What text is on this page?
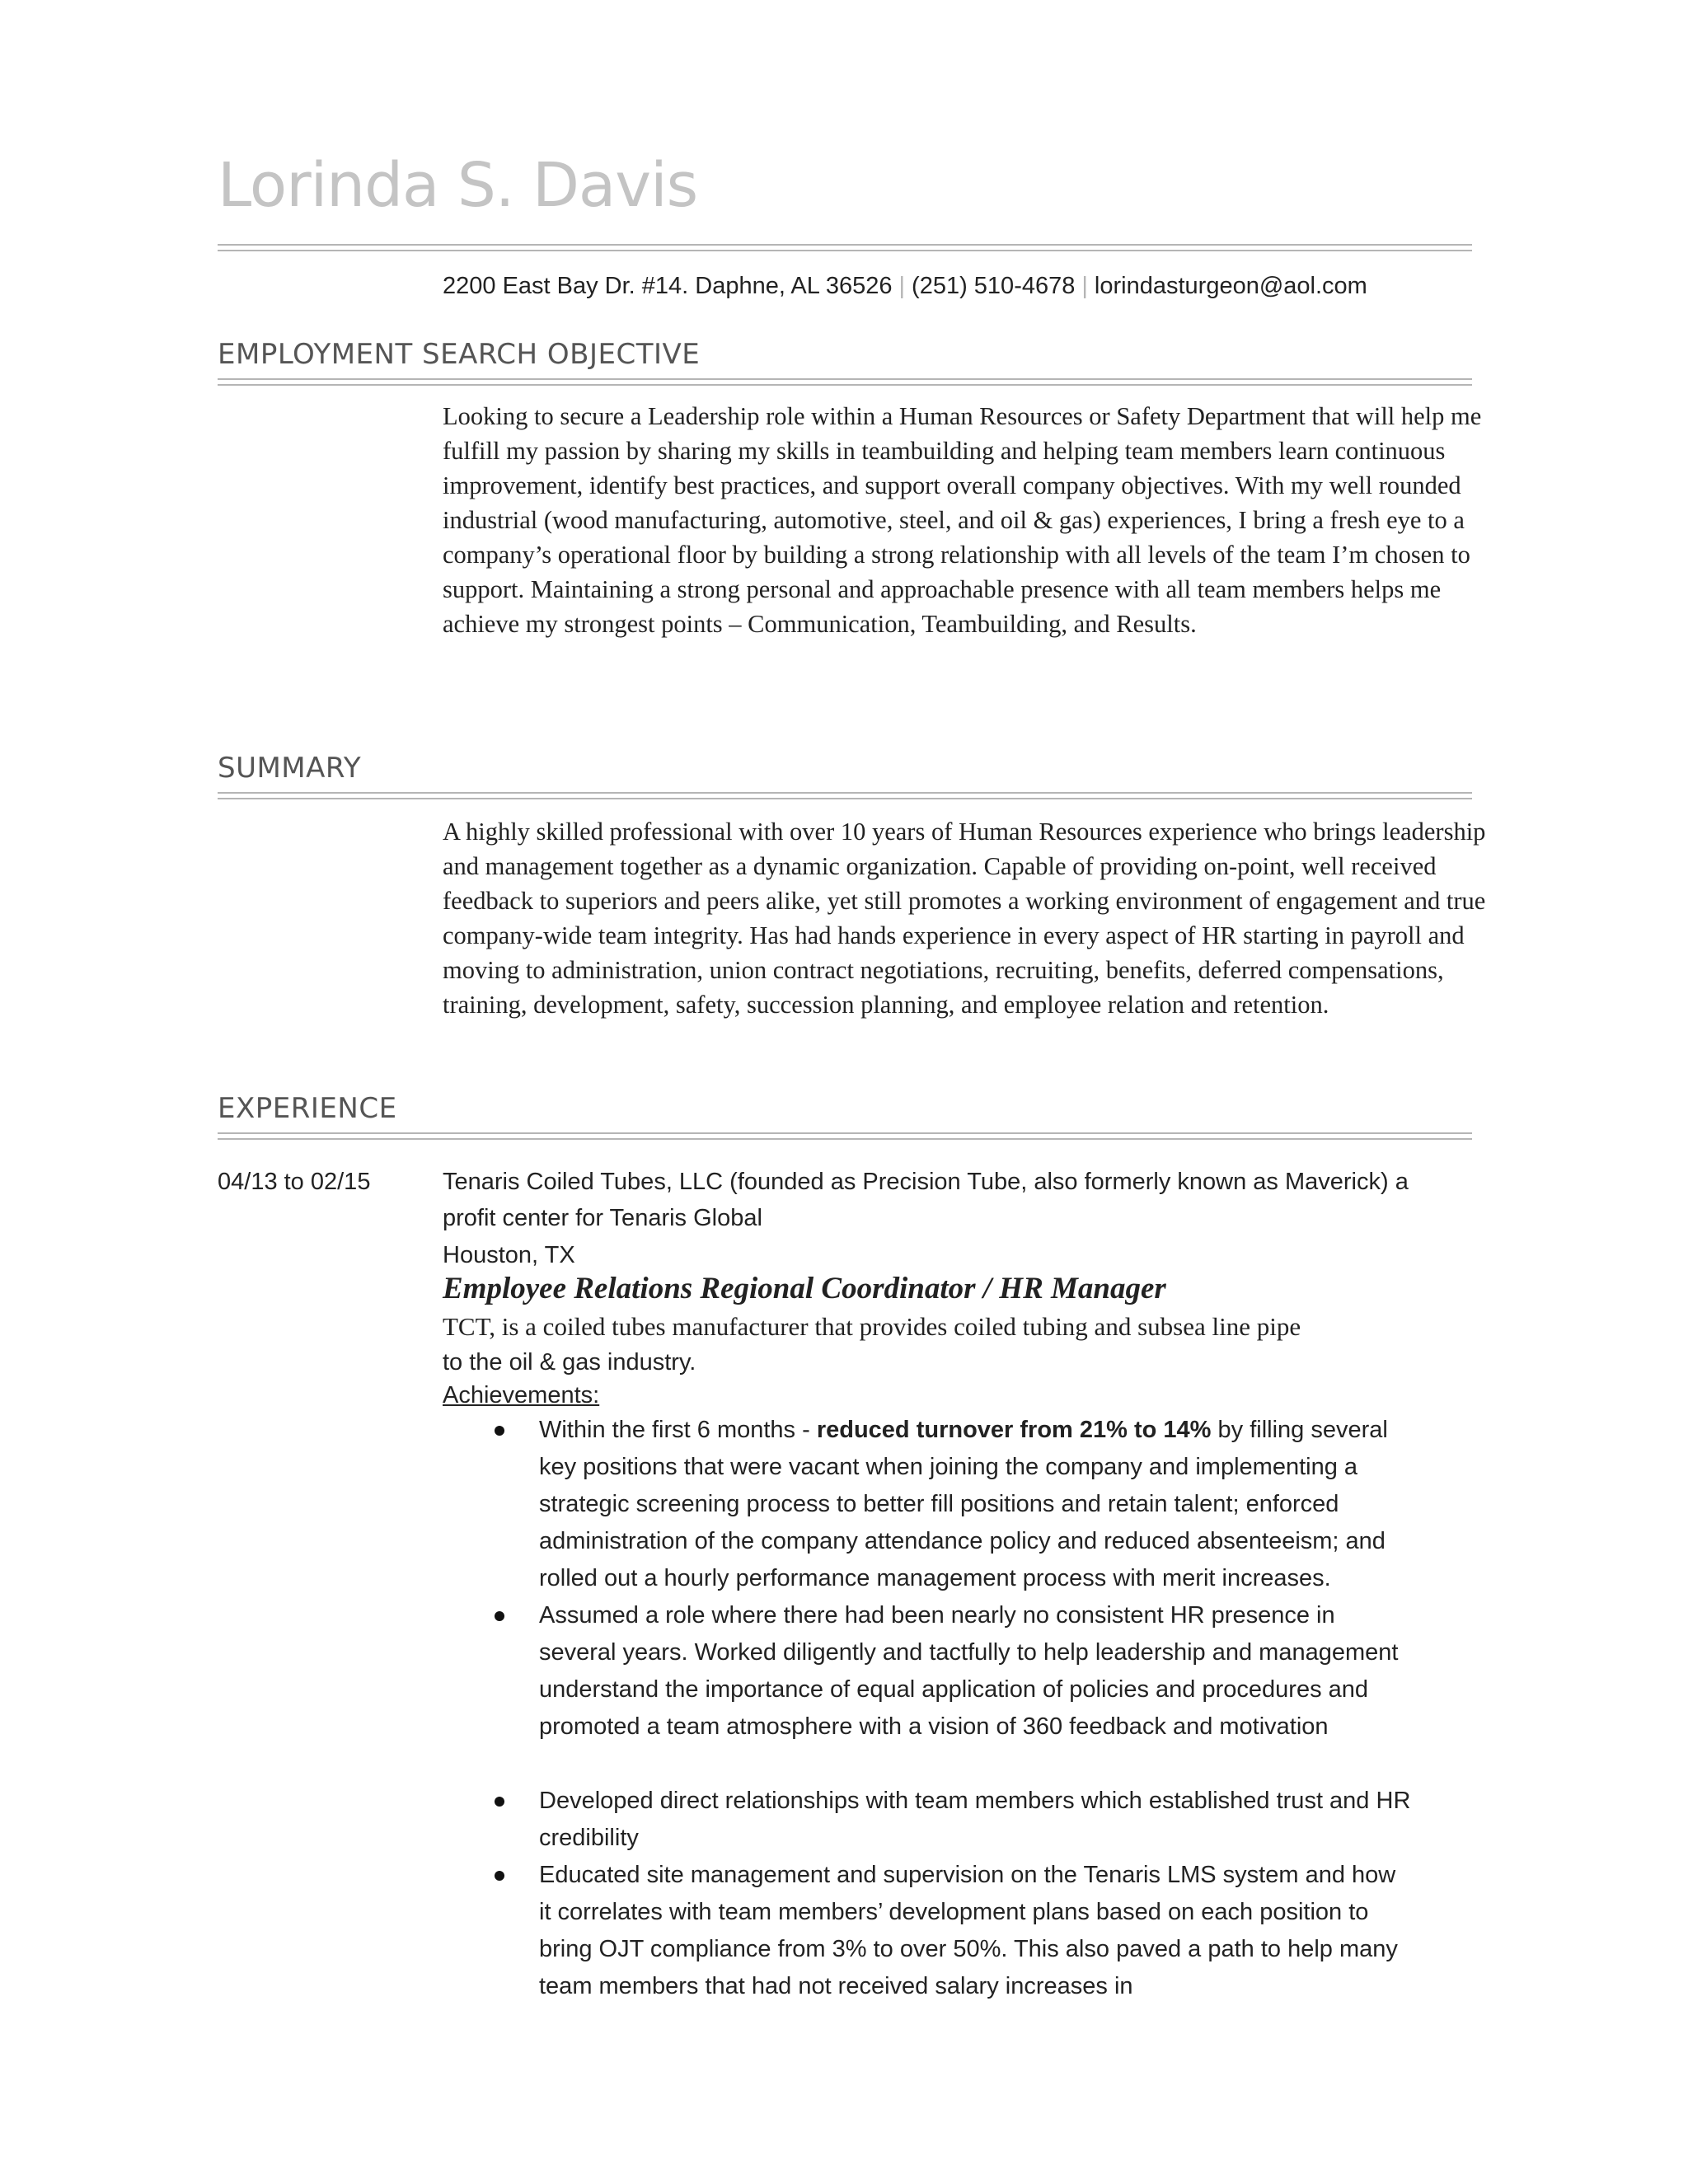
Lorinda S. Davis
2200 East Bay Dr. #14. Daphne, AL 36526 | (251) 510-4678 | lorindasturgeon@aol.com
EMPLOYMENT SEARCH OBJECTIVE
Looking to secure a Leadership role within a Human Resources or Safety Department that will help me fulfill my passion by sharing my skills in teambuilding and helping team members learn continuous improvement, identify best practices, and support overall company objectives. With my well rounded industrial (wood manufacturing, automotive, steel, and oil & gas) experiences, I bring a fresh eye to a company’s operational floor by building a strong relationship with all levels of the team I’m chosen to support. Maintaining a strong personal and approachable presence with all team members helps me achieve my strongest points – Communication, Teambuilding, and Results.
SUMMARY
A highly skilled professional with over 10 years of Human Resources experience who brings leadership and management together as a dynamic organization. Capable of providing on-point, well received feedback to superiors and peers alike, yet still promotes a working environment of engagement and true company-wide team integrity. Has had hands experience in every aspect of HR starting in payroll and moving to administration, union contract negotiations, recruiting, benefits, deferred compensations, training, development, safety, succession planning, and employee relation and retention.
EXPERIENCE
04/13 to 02/15	Tenaris Coiled Tubes, LLC (founded as Precision Tube, also formerly known as Maverick) a
profit center for Tenaris Global
Houston, TX
Employee Relations Regional Coordinator / HR Manager
TCT, is a coiled tubes manufacturer that provides coiled tubing and subsea line pipe
to the oil & gas industry.
Achievements:
Within the first 6 months - reduced turnover from 21% to 14% by filling several key positions that were vacant when joining the company and implementing a strategic screening process to better fill positions and retain talent; enforced administration of the company attendance policy and reduced absenteeism; and rolled out a hourly performance management process with merit increases.
Assumed a role where there had been nearly no consistent HR presence in several years. Worked diligently and tactfully to help leadership and management understand the importance of equal application of policies and procedures and promoted a team atmosphere with a vision of 360 feedback and motivation
Developed direct relationships with team members which established trust and HR credibility
Educated site management and supervision on the Tenaris LMS system and how it correlates with team members’ development plans based on each position to bring OJT compliance from 3% to over 50%. This also paved a path to help many team members that had not received salary increases in
